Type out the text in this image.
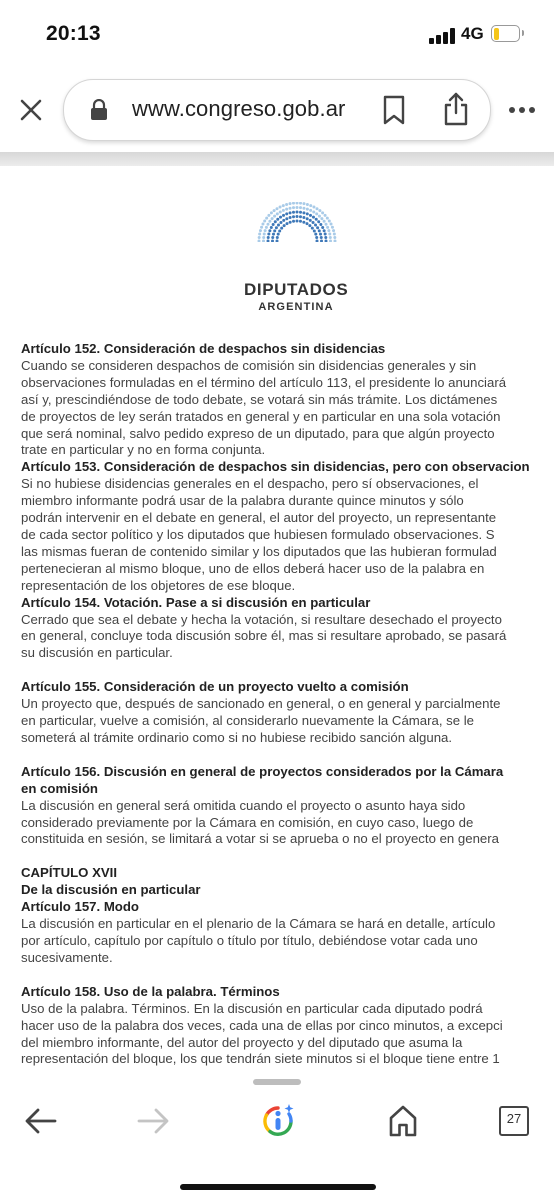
20:13	4G
www.congreso.gob.ar
DIPUTADOS
ARGENTINA

Artículo 152. Consideración de despachos sin disidencias

Cuando se consideren despachos de comisión sin disidencias generales y sin

observaciones formuladas en el término del artículo 113, el presidente lo anunciará

así y, prescindiéndose de todo debate, se votará sin más trámite. Los dictámenes

de proyectos de ley serán tratados en general y en particular en una sola votación

que será nominal, salvo pedido expreso de un diputado, para que algún proyecto

trate en particular y no en forma conjunta.

Artículo 153. Consideración de despachos sin disidencias, pero con observacion

Si no hubiese disidencias generales en el despacho, pero sí observaciones, el

miembro informante podrá usar de la palabra durante quince minutos y sólo

podrán intervenir en el debate en general, el autor del proyecto, un representante

de cada sector político y los diputados que hubiesen formulado observaciones. S

las mismas fueran de contenido similar y los diputados que las hubieran formulad

pertenecieran al mismo bloque, uno de ellos deberá hacer uso de la palabra en

representación de los objetores de ese bloque.

Artículo 154. Votación. Pase a si discusión en particular

Cerrado que sea el debate y hecha la votación, si resultare desechado el proyecto

en general, concluye toda discusión sobre él, mas si resultare aprobado, se pasará

su discusión en particular.

Artículo 155. Consideración de un proyecto vuelto a comisión

Un proyecto que, después de sancionado en general, o en general y parcialmente

en particular, vuelve a comisión, al considerarlo nuevamente la Cámara, se le

someterá al trámite ordinario como si no hubiese recibido sanción alguna.

Artículo 156. Discusión en general de proyectos considerados por la Cámara

en comisión

La discusión en general será omitida cuando el proyecto o asunto haya sido

considerado previamente por la Cámara en comisión, en cuyo caso, luego de

constituida en sesión, se limitará a votar si se aprueba o no el proyecto en genera

CAPÍTULO XVII

De la discusión en particular

Artículo 157. Modo

La discusión en particular en el plenario de la Cámara se hará en detalle, artículo

por artículo, capítulo por capítulo o título por título, debiéndose votar cada uno

sucesivamente.

Artículo 158. Uso de la palabra. Términos

Uso de la palabra. Términos. En la discusión en particular cada diputado podrá

hacer uso de la palabra dos veces, cada una de ellas por cinco minutos, a excepci

del miembro informante, del autor del proyecto y del diputado que asuma la

representación del bloque, los que tendrán siete minutos si el bloque tiene entre 1

27
